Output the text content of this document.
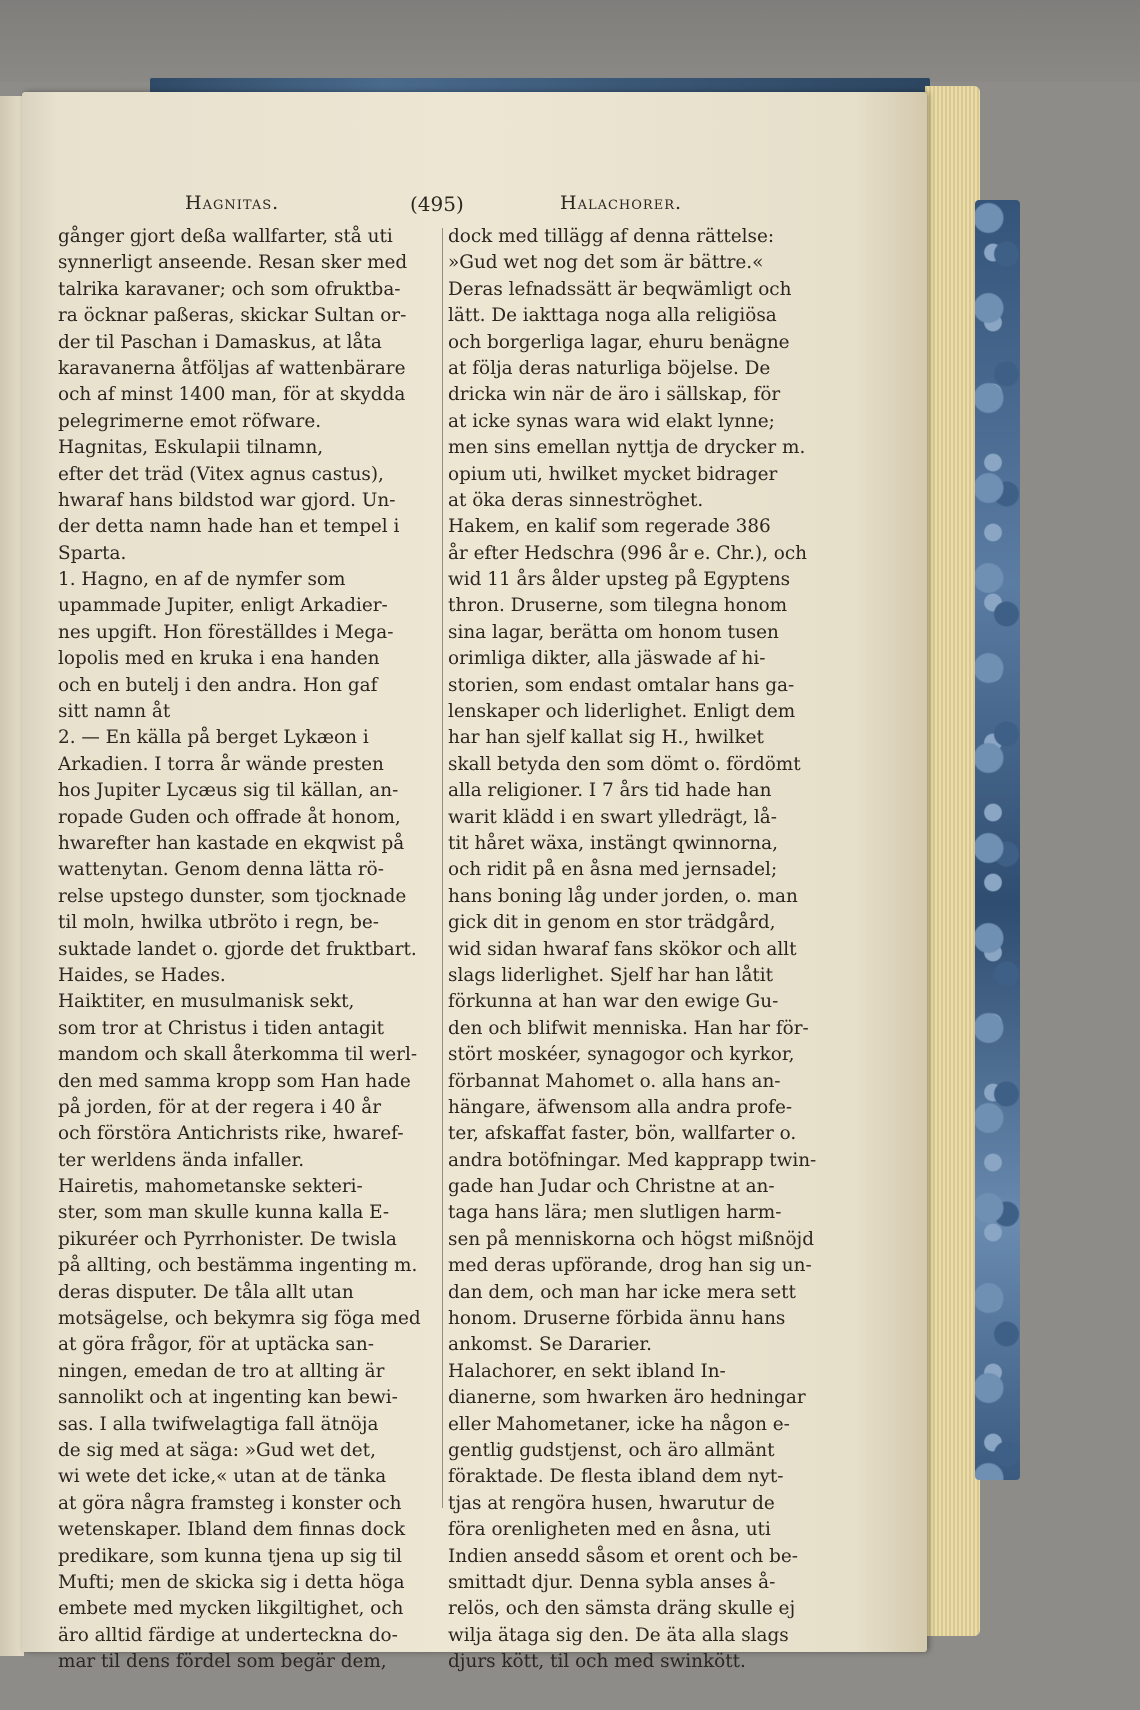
Hagnitas.	(495)	Halachorer.
gånger gjort deßa wallfarter, stå uti
synnerligt anseende. Resan sker med
talrika karavaner; och som ofruktba-
ra öcknar paßeras, skickar Sultan or-
der til Paschan i Damaskus, at låta
karavanerna åtföljas af wattenbärare
och af minst 1400 man, för at skydda
pelegrimerne emot röfware.
Hagnitas, Eskulapii tilnamn,
efter det träd (Vitex agnus castus),
hwaraf hans bildstod war gjord. Un-
der detta namn hade han et tempel i
Sparta.
1. Hagno, en af de nymfer som
upammade Jupiter, enligt Arkadier-
nes upgift. Hon föreställdes i Mega-
lopolis med en kruka i ena handen
och en butelj i den andra. Hon gaf
sitt namn åt
2. — En källa på berget Lykæon i
Arkadien. I torra år wände presten
hos Jupiter Lycæus sig til källan, an-
ropade Guden och offrade åt honom,
hwarefter han kastade en ekqwist på
wattenytan. Genom denna lätta rö-
relse upstego dunster, som tjocknade
til moln, hwilka utbröto i regn, be-
suktade landet o. gjorde det fruktbart.
Haides, se Hades.
Haiktiter, en musulmanisk sekt,
som tror at Christus i tiden antagit
mandom och skall återkomma til werl-
den med samma kropp som Han hade
på jorden, för at der regera i 40 år
och förstöra Antichrists rike, hwaref-
ter werldens ända infaller.
Hairetis, mahometanske sekteri-
ster, som man skulle kunna kalla E-
pikuréer och Pyrrhonister. De twisla
på allting, och bestämma ingenting m.
deras disputer. De tåla allt utan
motsägelse, och bekymra sig föga med
at göra frågor, för at uptäcka san-
ningen, emedan de tro at allting är
sannolikt och at ingenting kan bewi-
sas. I alla twifwelagtiga fall ätnöja
de sig med at säga: »Gud wet det,
wi wete det icke,« utan at de tänka
at göra några framsteg i konster och
wetenskaper. Ibland dem finnas dock
predikare, som kunna tjena up sig til
Mufti; men de skicka sig i detta höga
embete med mycken likgiltighet, och
äro alltid färdige at underteckna do-
mar til dens fördel som begär dem,
dock med tillägg af denna rättelse:
»Gud wet nog det som är bättre.«
Deras lefnadssätt är beqwämligt och
lätt. De iakttaga noga alla religiösa
och borgerliga lagar, ehuru benägne
at följa deras naturliga böjelse. De
dricka win när de äro i sällskap, för
at icke synas wara wid elakt lynne;
men sins emellan nyttja de drycker m.
opium uti, hwilket mycket bidrager
at öka deras sinneströghet.
Hakem, en kalif som regerade 386
år efter Hedschra (996 år e. Chr.), och
wid 11 års ålder upsteg på Egyptens
thron. Druserne, som tilegna honom
sina lagar, berätta om honom tusen
orimliga dikter, alla jäswade af hi-
storien, som endast omtalar hans ga-
lenskaper och liderlighet. Enligt dem
har han sjelf kallat sig H., hwilket
skall betyda den som dömt o. fördömt
alla religioner. I 7 års tid hade han
warit klädd i en swart ylledrägt, lå-
tit håret wäxa, instängt qwinnorna,
och ridit på en åsna med jernsadel;
hans boning låg under jorden, o. man
gick dit in genom en stor trädgård,
wid sidan hwaraf fans skökor och allt
slags liderlighet. Sjelf har han låtit
förkunna at han war den ewige Gu-
den och blifwit menniska. Han har för-
stört moskéer, synagogor och kyrkor,
förbannat Mahomet o. alla hans an-
hängare, äfwensom alla andra profe-
ter, afskaffat faster, bön, wallfarter o.
andra botöfningar. Med kapprapp twin-
gade han Judar och Christne at an-
taga hans lära; men slutligen harm-
sen på menniskorna och högst mißnöjd
med deras upförande, drog han sig un-
dan dem, och man har icke mera sett
honom. Druserne förbida ännu hans
ankomst. Se Dararier.
Halachorer, en sekt ibland In-
dianerne, som hwarken äro hedningar
eller Mahometaner, icke ha någon e-
gentlig gudstjenst, och äro allmänt
föraktade. De flesta ibland dem nyt-
tjas at rengöra husen, hwarutur de
föra orenligheten med en åsna, uti
Indien ansedd såsom et orent och be-
smittadt djur. Denna sybla anses å-
relös, och den sämsta dräng skulle ej
wilja ätaga sig den. De äta alla slags
djurs kött, til och med swinkött.
